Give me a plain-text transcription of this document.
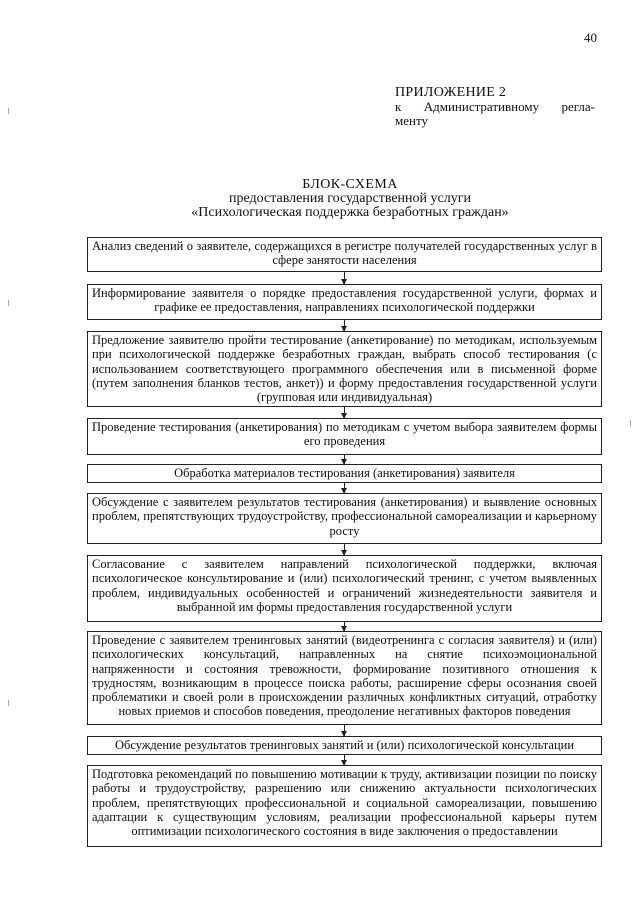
40
ПРИЛОЖЕНИЕ 2
к Административному регла-
менту
БЛОК-СХЕМА
предоставления государственной услуги
«Психологическая поддержка безработных граждан»
Анализ сведений о заявителе, содержащихся в регистре получателей государственных услуг в сфере занятости населения
Информирование заявителя о порядке предоставления государственной услуги, формах и графике ее предоставления, направлениях психологической поддержки
Предложение заявителю пройти тестирование (анкетирование) по методикам, используемым при психологической поддержке безработных граждан, выбрать способ тестирования (с использованием соответствующего программного обеспечения или в письменной форме (путем заполнения бланков тестов, анкет)) и форму предоставления государственной услуги (групповая или индивидуальная)
Проведение тестирования (анкетирования) по методикам с учетом выбора заявителем формы его проведения
Обработка материалов тестирования (анкетирования) заявителя
Обсуждение с заявителем результатов тестирования (анкетирования) и выявление основных проблем, препятствующих трудоустройству, профессиональной самореализации и карьерному росту
Согласование с заявителем направлений психологической поддержки, включая психологическое консультирование и (или) психологический тренинг, с учетом выявленных проблем, индивидуальных особенностей и ограничений жизнедеятельности заявителя и выбранной им формы предоставления государственной услуги
Проведение с заявителем тренинговых занятий (видеотренинга с согласия заявителя) и (или) психологических консультаций, направленных на снятие психоэмоциональной напряженности и состояния тревожности, формирование позитивного отношения к трудностям, возникающим в процессе поиска работы, расширение сферы осознания своей проблематики и своей роли в происхождении различных конфликтных ситуаций, отработку новых приемов и способов поведения, преодоление негативных факторов поведения
Обсуждение результатов тренинговых занятий и (или) психологической консультации
Подготовка рекомендаций по повышению мотивации к труду, активизации позиции по поиску работы и трудоустройству, разрешению или снижению актуальности психологических проблем, препятствующих профессиональной и социальной самореализации, повышению адаптации к существующим условиям, реализации профессиональной карьеры путем оптимизации психологического состояния в виде заключения о предоставлении
